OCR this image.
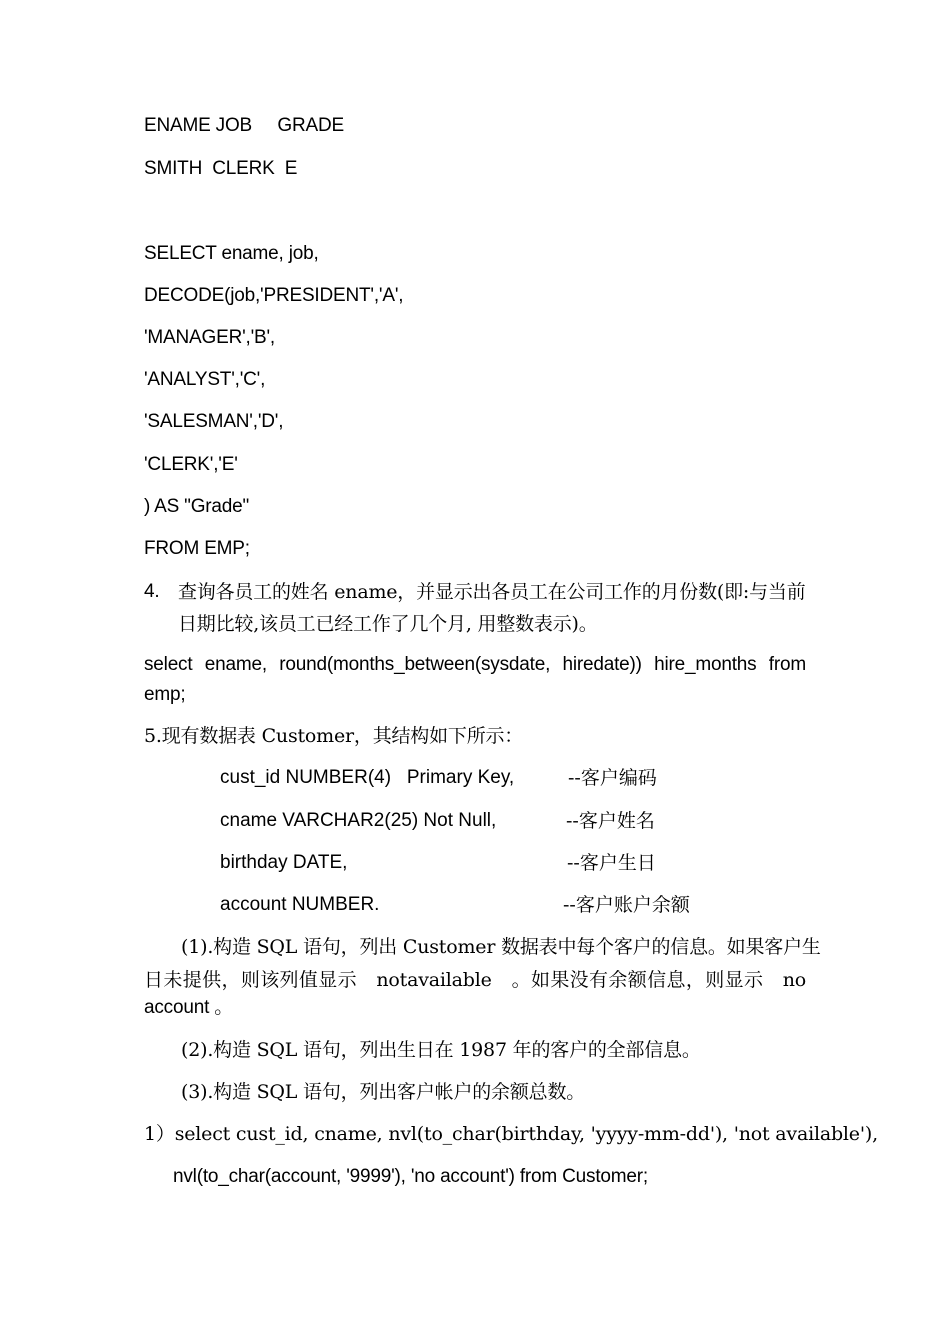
ENAME JOB     GRADE
SMITH  CLERK  E
SELECT ename, job,
DECODE(job,'PRESIDENT','A',
'MANAGER','B',
'ANALYST','C',
'SALESMAN','D',
'CLERK','E'
) AS "Grade"
FROM EMP;
4. 查询各员工的姓名 ename，并显示出各员工在公司工作的月份数(即:与当前
日期比较,该员工已经工作了几个月, 用整数表示)。
select ename, round(months_between(sysdate, hiredate)) hire_months from
emp;
5.现有数据表 Customer，其结构如下所示：
cust_id NUMBER(4)   Primary Key,	--客户编码
cname VARCHAR2(25) Not Null,	--客户姓名
birthday DATE,	--客户生日
account NUMBER.	--客户账户余额
(1).构造 SQL 语句，列出 Customer 数据表中每个客户的信息。如果客户生
日未提供，则该列值显示　notavailable　。如果没有余额信息，则显示　no
account 。
(2).构造 SQL 语句，列出生日在 1987 年的客户的全部信息。
(3).构造 SQL 语句，列出客户帐户的余额总数。
1）select cust_id, cname, nvl(to_char(birthday, 'yyyy-mm-dd'), 'not available'),
nvl(to_char(account, '9999'), 'no account') from Customer;
